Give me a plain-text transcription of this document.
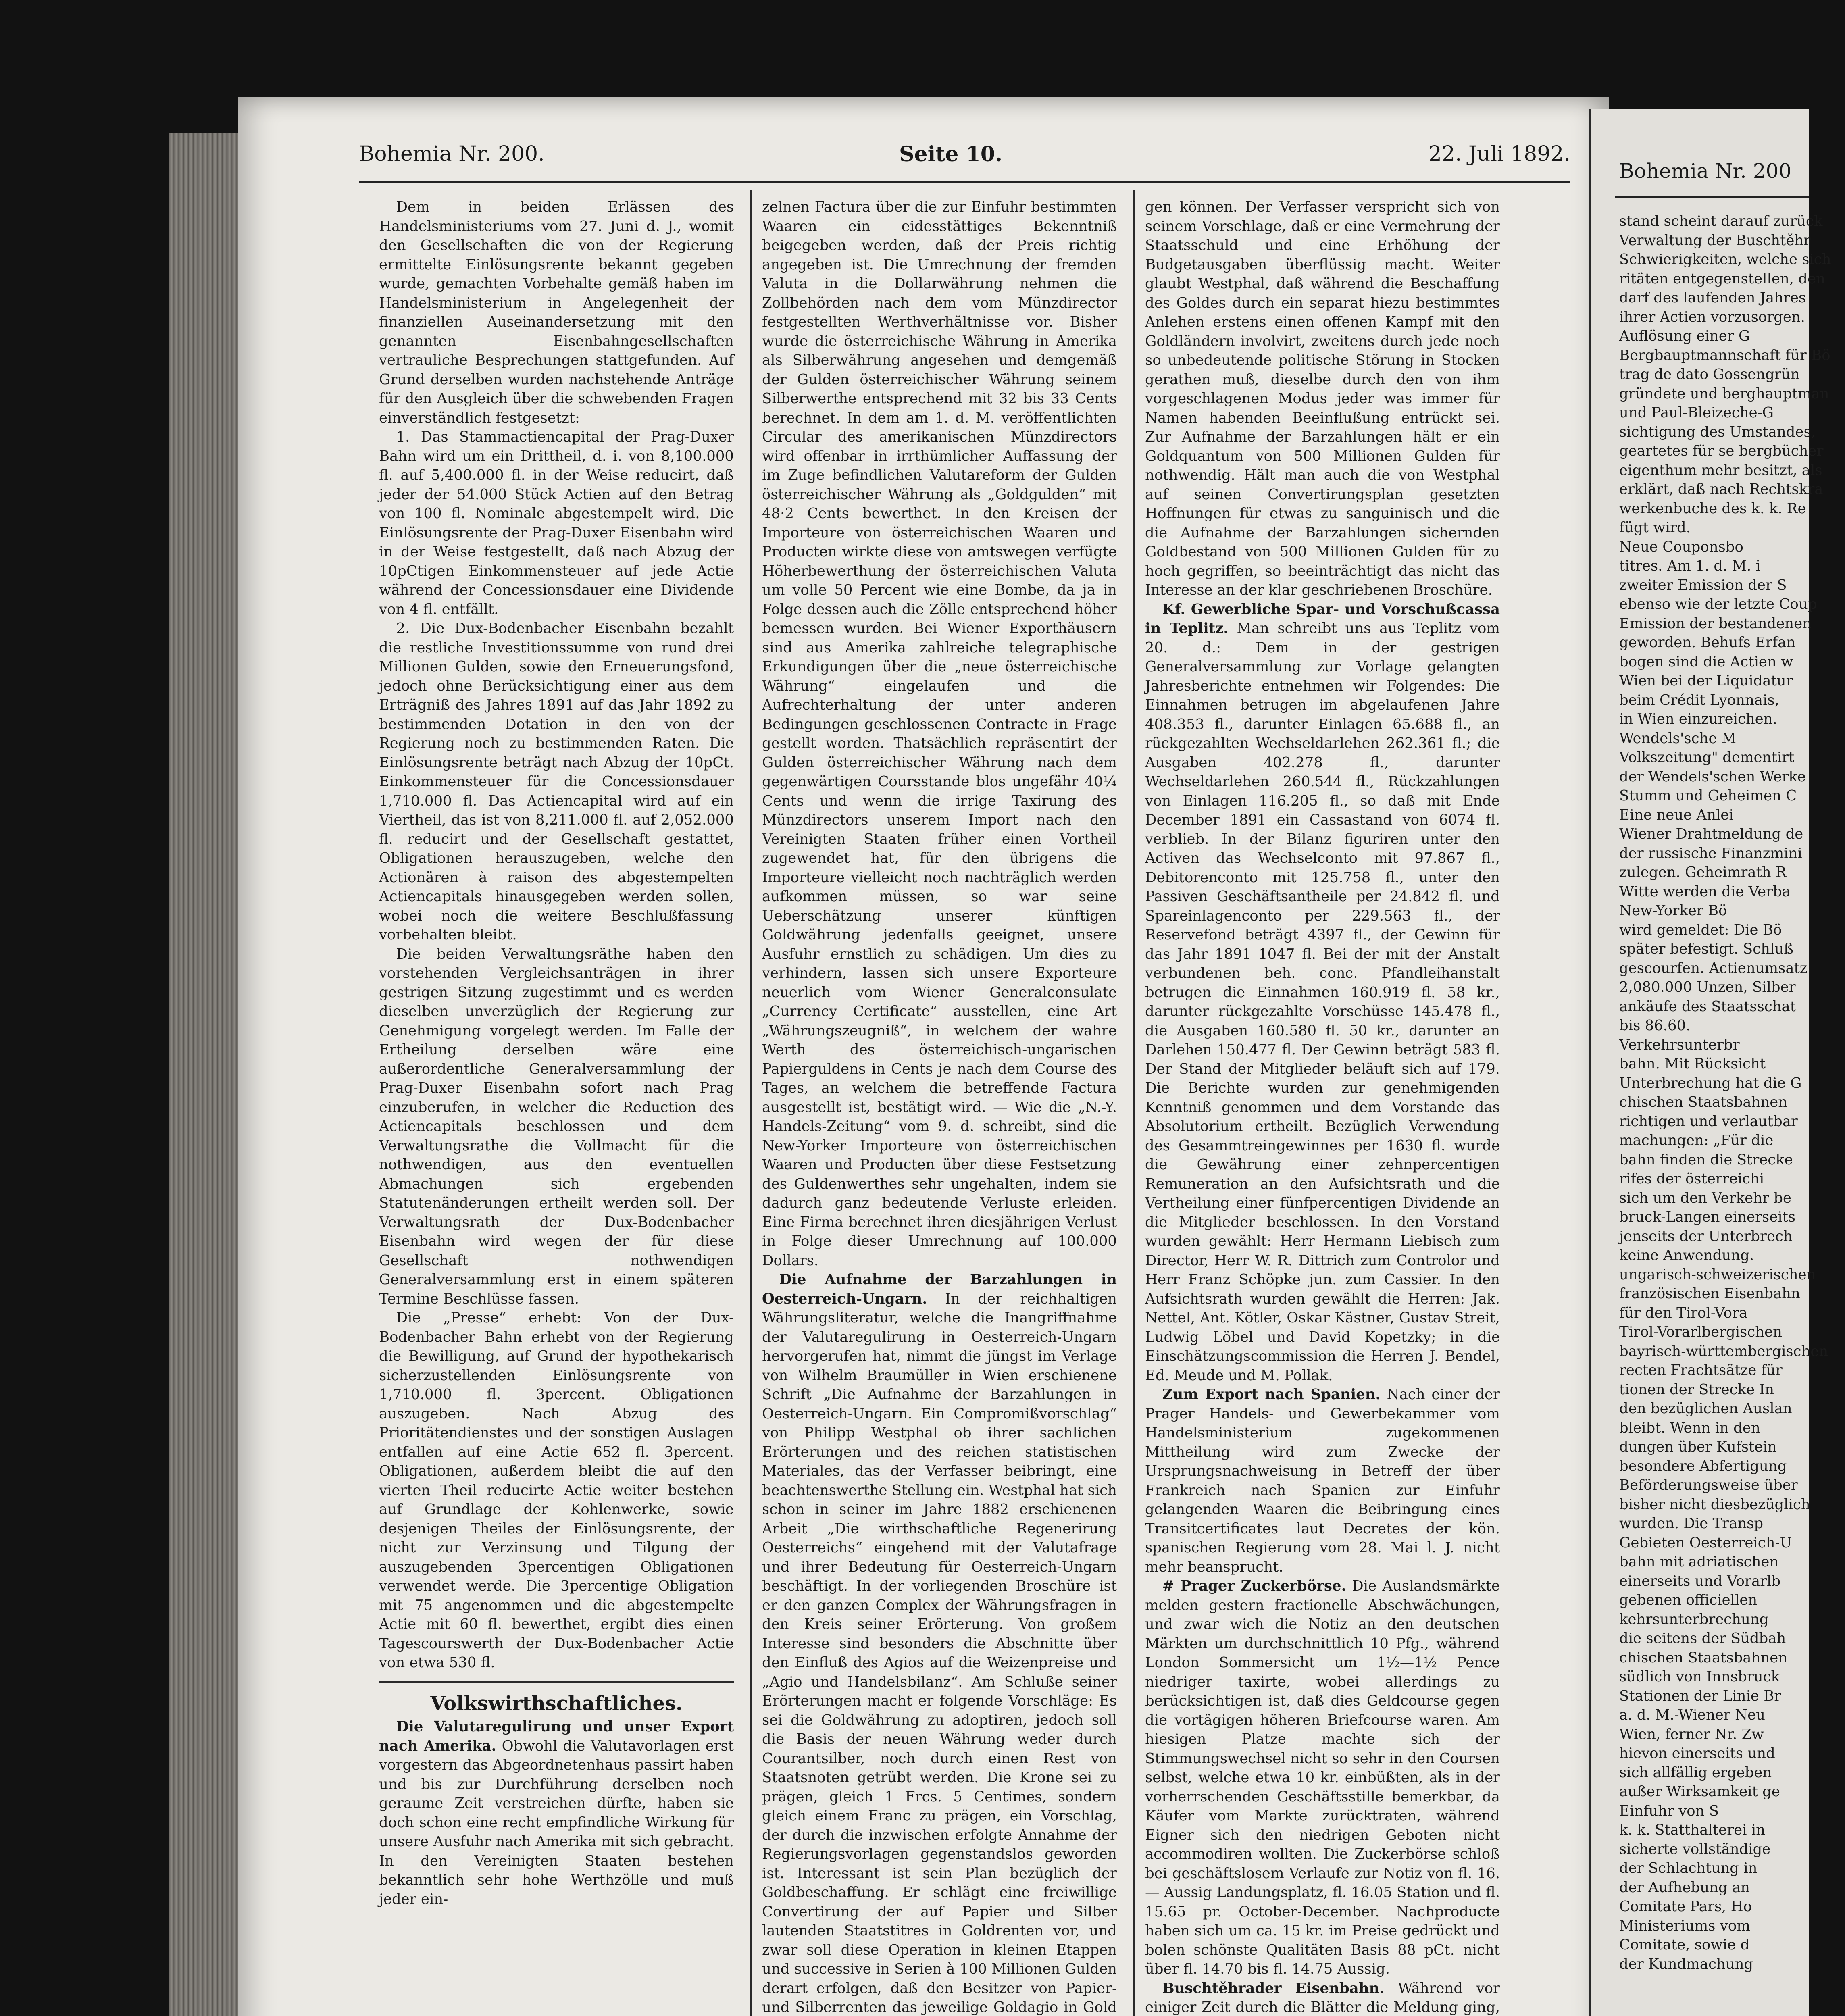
Bohemia Nr. 200.	Seite 10.	22. Juli 1892.

Dem in beiden Erlässen des Handelsministeriums vom 27. Juni d. J., womit den Gesellschaften die von der Regierung ermittelte Einlösungsrente bekannt gegeben wurde, gemachten Vorbehalte gemäß haben im Handelsministerium in Angelegenheit der finanziellen Auseinandersetzung mit den genannten Eisenbahngesellschaften vertrauliche Besprechungen stattgefunden. Auf Grund derselben wurden nachstehende Anträge für den Ausgleich über die schwebenden Fragen einverständlich festgesetzt:

1. Das Stammactiencapital der Prag-Duxer Bahn wird um ein Drittheil, d. i. von 8,100.000 fl. auf 5,400.000 fl. in der Weise reducirt, daß jeder der 54.000 Stück Actien auf den Betrag von 100 fl. Nominale abgestempelt wird. Die Einlösungsrente der Prag-Duxer Eisenbahn wird in der Weise festgestellt, daß nach Abzug der 10pCtigen Einkommensteuer auf jede Actie während der Concessionsdauer eine Dividende von 4 fl. entfällt.

2. Die Dux-Bodenbacher Eisenbahn bezahlt die restliche Investitionssumme von rund drei Millionen Gulden, sowie den Erneuerungsfond, jedoch ohne Berücksichtigung einer aus dem Erträgniß des Jahres 1891 auf das Jahr 1892 zu bestimmenden Dotation in den von der Regierung noch zu bestimmenden Raten. Die Einlösungsrente beträgt nach Abzug der 10pCt. Einkommensteuer für die Concessionsdauer 1,710.000 fl. Das Actiencapital wird auf ein Viertheil, das ist von 8,211.000 fl. auf 2,052.000 fl. reducirt und der Gesellschaft gestattet, Obligationen herauszugeben, welche den Actionären à raison des abgestempelten Actiencapitals hinausgegeben werden sollen, wobei noch die weitere Beschlußfassung vorbehalten bleibt.

Die beiden Verwaltungsräthe haben den vorstehenden Vergleichsanträgen in ihrer gestrigen Sitzung zugestimmt und es werden dieselben unverzüglich der Regierung zur Genehmigung vorgelegt werden. Im Falle der Ertheilung derselben wäre eine außerordentliche Generalversammlung der Prag-Duxer Eisenbahn sofort nach Prag einzuberufen, in welcher die Reduction des Actiencapitals beschlossen und dem Verwaltungsrathe die Vollmacht für die nothwendigen, aus den eventuellen Abmachungen sich ergebenden Statutenänderungen ertheilt werden soll. Der Verwaltungsrath der Dux-Bodenbacher Eisenbahn wird wegen der für diese Gesellschaft nothwendigen Generalversammlung erst in einem späteren Termine Beschlüsse fassen.

Die „Presse“ erhebt: Von der Dux-Bodenbacher Bahn erhebt von der Regierung die Bewilligung, auf Grund der hypothekarisch sicherzustellenden Einlösungsrente von 1,710.000 fl. 3percent. Obligationen auszugeben. Nach Abzug des Prioritätendienstes und der sonstigen Auslagen entfallen auf eine Actie 652 fl. 3percent. Obligationen, außerdem bleibt die auf den vierten Theil reducirte Actie weiter bestehen auf Grundlage der Kohlenwerke, sowie desjenigen Theiles der Einlösungsrente, der nicht zur Verzinsung und Tilgung der auszugebenden 3percentigen Obligationen verwendet werde. Die 3percentige Obligation mit 75 angenommen und die abgestempelte Actie mit 60 fl. bewerthet, ergibt dies einen Tagescourswerth der Dux-Bodenbacher Actie von etwa 530 fl.

Volkswirthschaftliches.

Die Valutaregulirung und unser Export nach Amerika. Obwohl die Valutavorlagen erst vorgestern das Abgeordnetenhaus passirt haben und bis zur Durchführung derselben noch geraume Zeit verstreichen dürfte, haben sie doch schon eine recht empfindliche Wirkung für unsere Ausfuhr nach Amerika mit sich gebracht. In den Vereinigten Staaten bestehen bekanntlich sehr hohe Werthzölle und muß jeder ein-

zelnen Factura über die zur Einfuhr bestimmten Waaren ein eidesstättiges Bekenntniß beigegeben werden, daß der Preis richtig angegeben ist. Die Umrechnung der fremden Valuta in die Dollarwährung nehmen die Zollbehörden nach dem vom Münzdirector festgestellten Werthverhältnisse vor. Bisher wurde die österreichische Währung in Amerika als Silberwährung angesehen und demgemäß der Gulden österreichischer Währung seinem Silberwerthe entsprechend mit 32 bis 33 Cents berechnet. In dem am 1. d. M. veröffentlichten Circular des amerikanischen Münzdirectors wird offenbar in irrthümlicher Auffassung der im Zuge befindlichen Valutareform der Gulden österreichischer Währung als „Goldgulden“ mit 48·2 Cents bewerthet. In den Kreisen der Importeure von österreichischen Waaren und Producten wirkte diese von amtswegen verfügte Höherbewerthung der österreichischen Valuta um volle 50 Percent wie eine Bombe, da ja in Folge dessen auch die Zölle entsprechend höher bemessen wurden. Bei Wiener Exporthäusern sind aus Amerika zahlreiche telegraphische Erkundigungen über die „neue österreichische Währung“ eingelaufen und die Aufrechterhaltung der unter anderen Bedingungen geschlossenen Contracte in Frage gestellt worden. Thatsächlich repräsentirt der Gulden österreichischer Währung nach dem gegenwärtigen Coursstande blos ungefähr 40¼ Cents und wenn die irrige Taxirung des Münzdirectors unserem Import nach den Vereinigten Staaten früher einen Vortheil zugewendet hat, für den übrigens die Importeure vielleicht noch nachträglich werden aufkommen müssen, so war seine Ueberschätzung unserer künftigen Goldwährung jedenfalls geeignet, unsere Ausfuhr ernstlich zu schädigen. Um dies zu verhindern, lassen sich unsere Exporteure neuerlich vom Wiener Generalconsulate „Currency Certificate“ ausstellen, eine Art „Währungszeugniß“, in welchem der wahre Werth des österreichisch-ungarischen Papierguldens in Cents je nach dem Course des Tages, an welchem die betreffende Factura ausgestellt ist, bestätigt wird. — Wie die „N.-Y. Handels-Zeitung“ vom 9. d. schreibt, sind die New-Yorker Importeure von österreichischen Waaren und Producten über diese Festsetzung des Guldenwerthes sehr ungehalten, indem sie dadurch ganz bedeutende Verluste erleiden. Eine Firma berechnet ihren diesjährigen Verlust in Folge dieser Umrechnung auf 100.000 Dollars.

Die Aufnahme der Barzahlungen in Oesterreich-Ungarn. In der reichhaltigen Währungsliteratur, welche die Inangriffnahme der Valutaregulirung in Oesterreich-Ungarn hervorgerufen hat, nimmt die jüngst im Verlage von Wilhelm Braumüller in Wien erschienene Schrift „Die Aufnahme der Barzahlungen in Oesterreich-Ungarn. Ein Compromißvorschlag“ von Philipp Westphal ob ihrer sachlichen Erörterungen und des reichen statistischen Materiales, das der Verfasser beibringt, eine beachtenswerthe Stellung ein. Westphal hat sich schon in seiner im Jahre 1882 erschienenen Arbeit „Die wirthschaftliche Regenerirung Oesterreichs“ eingehend mit der Valutafrage und ihrer Bedeutung für Oesterreich-Ungarn beschäftigt. In der vorliegenden Broschüre ist er den ganzen Complex der Währungsfragen in den Kreis seiner Erörterung. Von großem Interesse sind besonders die Abschnitte über den Einfluß des Agios auf die Weizenpreise und „Agio und Handelsbilanz“. Am Schluße seiner Erörterungen macht er folgende Vorschläge: Es sei die Goldwährung zu adoptiren, jedoch soll die Basis der neuen Währung weder durch Courantsilber, noch durch einen Rest von Staatsnoten getrübt werden. Die Krone sei zu prägen, gleich 1 Frcs. 5 Centimes, sondern gleich einem Franc zu prägen, ein Vorschlag, der durch die inzwischen erfolgte Annahme der Regierungsvorlagen gegenstandslos geworden ist. Interessant ist sein Plan bezüglich der Goldbeschaffung. Er schlägt eine freiwillige Convertirung der auf Papier und Silber lautenden Staatstitres in Goldrenten vor, und zwar soll diese Operation in kleinen Etappen und successive in Serien à 100 Millionen Gulden derart erfolgen, daß den Besitzer von Papier- und Silberrenten das jeweilige Goldagio in Gold

gen können. Der Verfasser verspricht sich von seinem Vorschlage, daß er eine Vermehrung der Staatsschuld und eine Erhöhung der Budgetausgaben überflüssig macht. Weiter glaubt Westphal, daß während die Beschaffung des Goldes durch ein separat hiezu bestimmtes Anlehen erstens einen offenen Kampf mit den Goldländern involvirt, zweitens durch jede noch so unbedeutende politische Störung in Stocken gerathen muß, dieselbe durch den von ihm vorgeschlagenen Modus jeder was immer für Namen habenden Beeinflußung entrückt sei. Zur Aufnahme der Barzahlungen hält er ein Goldquantum von 500 Millionen Gulden für nothwendig. Hält man auch die von Westphal auf seinen Convertirungsplan gesetzten Hoffnungen für etwas zu sanguinisch und die die Aufnahme der Barzahlungen sichernden Goldbestand von 500 Millionen Gulden für zu hoch gegriffen, so beeinträchtigt das nicht das Interesse an der klar geschriebenen Broschüre.

Kf. Gewerbliche Spar- und Vorschußcassa in Teplitz. Man schreibt uns aus Teplitz vom 20. d.: Dem in der gestrigen Generalversammlung zur Vorlage gelangten Jahresberichte entnehmen wir Folgendes: Die Einnahmen betrugen im abgelaufenen Jahre 408.353 fl., darunter Einlagen 65.688 fl., an rückgezahlten Wechseldarlehen 262.361 fl.; die Ausgaben 402.278 fl., darunter Wechseldarlehen 260.544 fl., Rückzahlungen von Einlagen 116.205 fl., so daß mit Ende December 1891 ein Cassastand von 6074 fl. verblieb. In der Bilanz figuriren unter den Activen das Wechselconto mit 97.867 fl., Debitorenconto mit 125.758 fl., unter den Passiven Geschäftsantheile per 24.842 fl. und Spareinlagenconto per 229.563 fl., der Reservefond beträgt 4397 fl., der Gewinn für das Jahr 1891 1047 fl. Bei der mit der Anstalt verbundenen beh. conc. Pfandleihanstalt betrugen die Einnahmen 160.919 fl. 58 kr., darunter rückgezahlte Vorschüsse 145.478 fl., die Ausgaben 160.580 fl. 50 kr., darunter an Darlehen 150.477 fl. Der Gewinn beträgt 583 fl. Der Stand der Mitglieder beläuft sich auf 179. Die Berichte wurden zur genehmigenden Kenntniß genommen und dem Vorstande das Absolutorium ertheilt. Bezüglich Verwendung des Gesammtreingewinnes per 1630 fl. wurde die Gewährung einer zehnpercentigen Remuneration an den Aufsichtsrath und die Vertheilung einer fünfpercentigen Dividende an die Mitglieder beschlossen. In den Vorstand wurden gewählt: Herr Hermann Liebisch zum Director, Herr W. R. Dittrich zum Controlor und Herr Franz Schöpke jun. zum Cassier. In den Aufsichtsrath wurden gewählt die Herren: Jak. Nettel, Ant. Kötler, Oskar Kästner, Gustav Streit, Ludwig Löbel und David Kopetzky; in die Einschätzungscommission die Herren J. Bendel, Ed. Meude und M. Pollak.

Zum Export nach Spanien. Nach einer der Prager Handels- und Gewerbekammer vom Handelsministerium zugekommenen Mittheilung wird zum Zwecke der Ursprungsnachweisung in Betreff der über Frankreich nach Spanien zur Einfuhr gelangenden Waaren die Beibringung eines Transitcertificates laut Decretes der kön. spanischen Regierung vom 28. Mai l. J. nicht mehr beansprucht.

# Prager Zuckerbörse. Die Auslandsmärkte melden gestern fractionelle Abschwächungen, und zwar wich die Notiz an den deutschen Märkten um durchschnittlich 10 Pfg., während London Sommersicht um 1½—1½ Pence niedriger taxirte, wobei allerdings zu berücksichtigen ist, daß dies Geldcourse gegen die vortägigen höheren Briefcourse waren. Am hiesigen Platze machte sich der Stimmungswechsel nicht so sehr in den Coursen selbst, welche etwa 10 kr. einbüßten, als in der vorherrschenden Geschäftsstille bemerkbar, da Käufer vom Markte zurücktraten, während Eigner sich den niedrigen Geboten nicht accommodiren wollten. Die Zuckerbörse schloß bei geschäftslosem Verlaufe zur Notiz von fl. 16.— Aussig Landungsplatz, fl. 16.05 Station und fl. 15.65 pr. October-December. Nachproducte haben sich um ca. 15 kr. im Preise gedrückt und bolen schönste Qualitäten Basis 88 pCt. nicht über fl. 14.70 bis fl. 14.75 Aussig.

Buschtěhrader Eisenbahn. Während vor einiger Zeit durch die Blätter die Meldung ging,

Bohemia Nr. 200
stand scheint darauf zurück
Verwaltung der Buschtěhr
Schwierigkeiten, welche sich
ritäten entgegenstellen, den
darf des laufenden Jahres
ihrer Actien vorzusorgen.
Auflösung einer G
Bergbauptmannschaft für Bö
trag de dato Gossengrün
gründete und berghauptman
und Paul-Bleizeche-G
sichtigung des Umstandes,
geartetes für se bergbücher
eigenthum mehr besitzt, als
erklärt, daß nach Rechtskra
werkenbuche des k. k. Re
fügt wird.
Neue Couponsbo
titres. Am 1. d. M. i
zweiter Emission der S
ebenso wie der letzte Coup
Emission der bestandenen
geworden. Behufs Erfan
bogen sind die Actien w
Wien bei der Liquidatur
beim Crédit Lyonnais,
in Wien einzureichen.
Wendels'sche M
Volkszeitung" dementirt
der Wendels'schen Werke
Stumm und Geheimen C
Eine neue Anlei
Wiener Drahtmeldung de
der russische Finanzmini
zulegen. Geheimrath R
Witte werden die Verba
New-Yorker Bö
wird gemeldet: Die Bö
später befestigt. Schluß
gescourfen. Actienumsatz
2,080.000 Unzen, Silber
ankäufe des Staatsschat
bis 86.60.
Verkehrsunterbr
bahn. Mit Rücksicht
Unterbrechung hat die G
chischen Staatsbahnen
richtigen und verlautbar
machungen: „Für die
bahn finden die Strecke
rifes der österreichi
sich um den Verkehr be
bruck-Langen einerseits
jenseits der Unterbrech
keine Anwendung.
ungarisch-schweizerischen
französischen Eisenbahn
für den Tirol-Vora
Tirol-Vorarlbergischen
bayrisch-württembergischen
recten Frachtsätze für
tionen der Strecke In
den bezüglichen Auslan
bleibt. Wenn in den
dungen über Kufstein
besondere Abfertigung
Beförderungsweise über
bisher nicht diesbezüglich
wurden. Die Transp
Gebieten Oesterreich-U
bahn mit adriatischen
einerseits und Vorarlb
gebenen officiellen
kehrsunterbrechung
die seitens der Südbah
chischen Staatsbahnen
südlich von Innsbruck
Stationen der Linie Br
a. d. M.-Wiener Neu
Wien, ferner Nr. Zw
hievon einerseits und
sich allfällig ergeben
außer Wirksamkeit ge
Einfuhr von S
k. k. Statthalterei in
sicherte vollständige
der Schlachtung in
der Aufhebung an
Comitate Pars, Ho
Ministeriums vom
Comitate, sowie d
der Kundmachung
